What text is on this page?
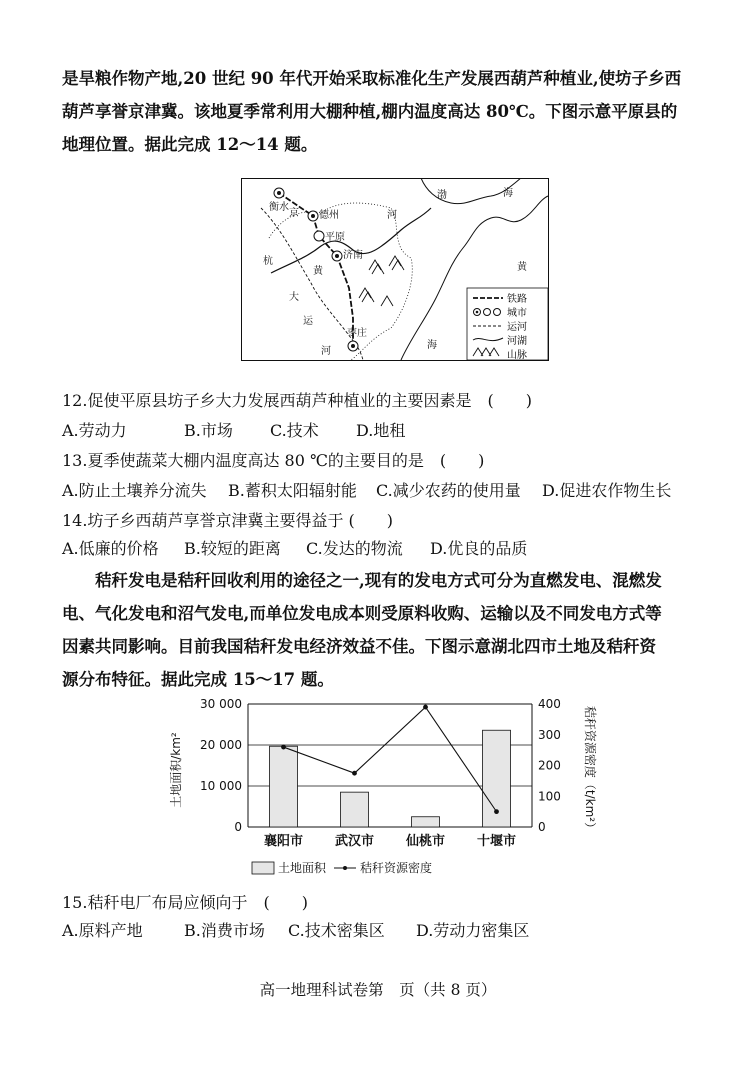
是旱粮作物产地,20 世纪 90 年代开始采取标准化生产发展西葫芦种植业,使坊子乡西

葫芦享誉京津冀。该地夏季常利用大棚种植,棚内温度高达 80℃。下图示意平原县的

地理位置。据此完成 12～14 题。

衡水
德州
平原
济南
枣庄
渤	海
黄
海
京
杭
大
运
河
黄
河
铁路
城市
运河
河湖
山脉

12.促使平原县坊子乡大力发展西葫芦种植业的主要因素是　(　　)

A.劳动力	B.市场 C.技术 D.地租

13.夏季使蔬菜大棚内温度高达 80 ℃的主要目的是　(　　)

A.防止土壤养分流失 B.蓄积太阳辐射能 C.减少农药的使用量 D.促进农作物生长

14.坊子乡西葫芦享誉京津冀主要得益于 (　　)

A.低廉的价格 B.较短的距离 C.发达的物流 D.优良的品质

　　秸秆发电是秸秆回收利用的途径之一,现有的发电方式可分为直燃发电、混燃发

电、气化发电和沼气发电,而单位发电成本则受原料收购、运输以及不同发电方式等

因素共同影响。目前我国秸秆发电经济效益不佳。下图示意湖北四市土地及秸秆资

源分布特征。据此完成 15～17 题。

土地面积/km²	秸秆资源密度（t/km²）
0
10 000
20 000
30 000
0
100
200
300
400
襄阳市 武汉市 仙桃市 十堰市
土地面积	秸秆资源密度

15.秸秆电厂布局应倾向于　(　　)

A.原料产地	B.消费市场 C.技术密集区 D.劳动力密集区

高一地理科试卷第　页（共 8 页）
